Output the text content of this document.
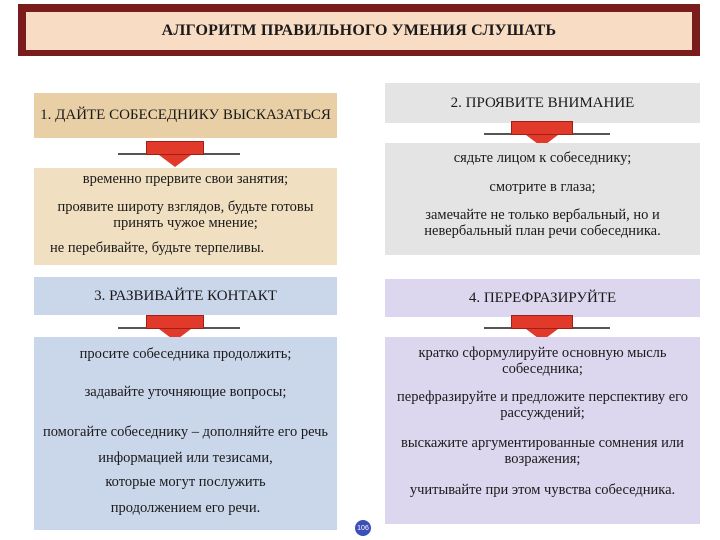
АЛГОРИТМ ПРАВИЛЬНОГО УМЕНИЯ СЛУШАТЬ
1. ДАЙТЕ СОБЕСЕДНИКУ ВЫСКАЗАТЬСЯ
временно прервите свои занятия;
проявите широту взглядов, будьте готовы принять чужое мнение;
не перебивайте, будьте терпеливы.
2. ПРОЯВИТЕ ВНИМАНИЕ
сядьте лицом к собеседнику;
смотрите в глаза;
замечайте не только вербальный, но и невербальный план речи собеседника.
3. РАЗВИВАЙТЕ КОНТАКТ
просите собеседника продолжить;
задавайте уточняющие вопросы;
помогайте собеседнику – дополняйте его речь информацией или тезисами,
которые могут послужить
продолжением его речи.
4. ПЕРЕФРАЗИРУЙТЕ
кратко сформулируйте основную мысль собеседника;
перефразируйте и предложите перспективу его рассуждений;
выскажите аргументированные сомнения или возражения;
учитывайте при этом чувства собеседника.
106
